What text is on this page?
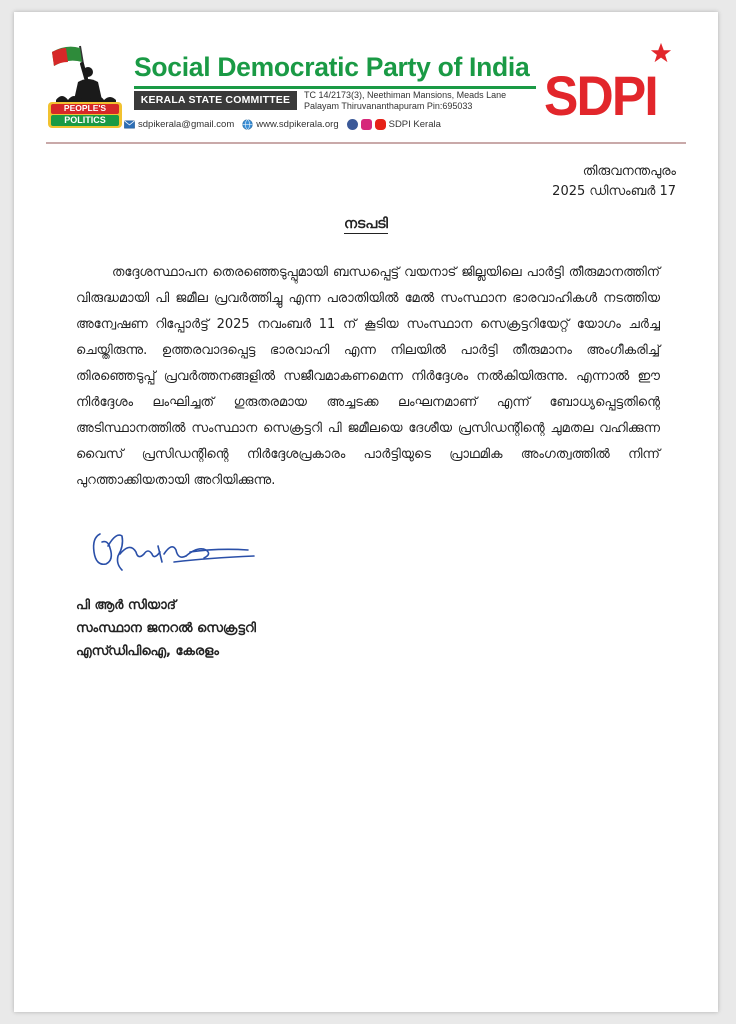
PEOPLE'S
POLITICS
Social Democratic Party of India
KERALA STATE COMMITTEE	TC 14/2173(3), Neethiman Mansions, Meads Lane
Palayam Thiruvananthapuram Pin:695033
sdpikerala@gmail.com www.sdpikerala.org	SDPI Kerala SDPI
തിരുവനന്തപുരം
2025 ഡിസംബർ 17
നടപടി
തദ്ദേശസ്ഥാപന തെരഞ്ഞെടുപ്പുമായി ബന്ധപ്പെട്ട് വയനാട് ജില്ലയിലെ പാർട്ടി തീരുമാനത്തിന് വിരുദ്ധമായി പി ജമീല പ്രവർത്തിച്ചു എന്ന പരാതിയിൽ മേൽ സംസ്ഥാന ഭാരവാഹികൾ നടത്തിയ അന്വേഷണ റിപ്പോർട്ട് 2025 നവംബർ 11 ന് കൂടിയ സംസ്ഥാന സെക്രട്ടറിയേറ്റ് യോഗം ചർച്ച ചെയ്തിരുന്നു. ഉത്തരവാദപ്പെട്ട ഭാരവാഹി എന്ന നിലയിൽ പാർട്ടി തീരുമാനം അംഗീകരിച്ച് തിരഞ്ഞെടുപ്പ് പ്രവർത്തനങ്ങളിൽ സജീവമാകണമെന്ന നിർദ്ദേശം നൽകിയിരുന്നു. എന്നാൽ ഈ നിർദ്ദേശം ലംഘിച്ചത് ഗുരുതരമായ അച്ചടക്ക ലംഘനമാണ് എന്ന് ബോധ്യപ്പെട്ടതിന്റെ അടിസ്ഥാനത്തിൽ സംസ്ഥാന സെക്രട്ടറി പി ജമീലയെ ദേശീയ പ്രസിഡന്റിന്റെ ചുമതല വഹിക്കുന്ന വൈസ് പ്രസിഡന്റിന്റെ നിർദ്ദേശപ്രകാരം പാർട്ടിയുടെ പ്രാഥമിക അംഗത്വത്തിൽ നിന്ന് പുറത്താക്കിയതായി അറിയിക്കുന്നു.
പി ആർ സിയാദ്
സംസ്ഥാന ജനറൽ സെക്രട്ടറി
എസ്ഡിപിഐ, കേരളം
